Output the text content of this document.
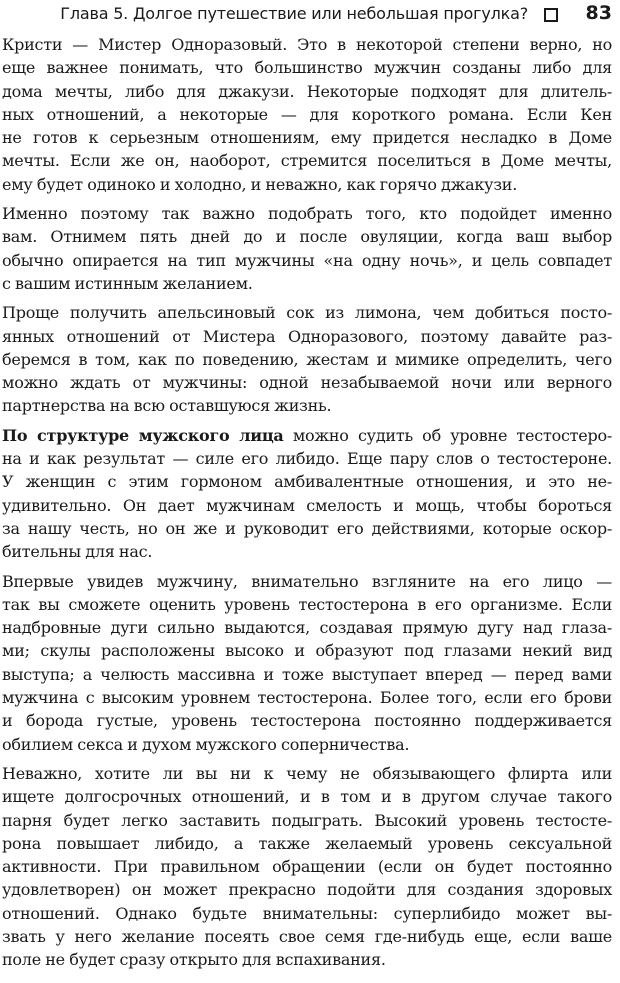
Глава 5. Долгое путешествие или небольшая прогулка?	83
Кристи — Мистер Одноразовый. Это в некоторой степени верно, но
еще важнее понимать, что большинство мужчин созданы либо для
дома мечты, либо для джакузи. Некоторые подходят для длитель-
ных отношений, а некоторые — для короткого романа. Если Кен
не готов к серьезным отношениям, ему придется несладко в Доме
мечты. Если же он, наоборот, стремится поселиться в Доме мечты,
ему будет одиноко и холодно, и неважно, как горячо джакузи.
Именно поэтому так важно подобрать того, кто подойдет именно
вам. Отнимем пять дней до и после овуляции, когда ваш выбор
обычно опирается на тип мужчины «на одну ночь», и цель совпадет
с вашим истинным желанием.
Проще получить апельсиновый сок из лимона, чем добиться посто-
янных отношений от Мистера Одноразового, поэтому давайте раз-
беремся в том, как по поведению, жестам и мимике определить, чего
можно ждать от мужчины: одной незабываемой ночи или верного
партнерства на всю оставшуюся жизнь.
По структуре мужского лица можно судить об уровне тестостеро-
на и как результат — силе его либидо. Еще пару слов о тестостероне.
У женщин с этим гормоном амбивалентные отношения, и это не-
удивительно. Он дает мужчинам смелость и мощь, чтобы бороться
за нашу честь, но он же и руководит его действиями, которые оскор-
бительны для нас.
Впервые увидев мужчину, внимательно взгляните на его лицо —
так вы сможете оценить уровень тестостерона в его организме. Если
надбровные дуги сильно выдаются, создавая прямую дугу над глаза-
ми; скулы расположены высоко и образуют под глазами некий вид
выступа; а челюсть массивна и тоже выступает вперед — перед вами
мужчина с высоким уровнем тестостерона. Более того, если его брови
и борода густые, уровень тестостерона постоянно поддерживается
обилием секса и духом мужского соперничества.
Неважно, хотите ли вы ни к чему не обязывающего флирта или
ищете долгосрочных отношений, и в том и в другом случае такого
парня будет легко заставить подыграть. Высокий уровень тестосте-
рона повышает либидо, а также желаемый уровень сексуальной
активности. При правильном обращении (если он будет постоянно
удовлетворен) он может прекрасно подойти для создания здоровых
отношений. Однако будьте внимательны: суперлибидо может вы-
звать у него желание посеять свое семя где-нибудь еще, если ваше
поле не будет сразу открыто для вспахивания.
